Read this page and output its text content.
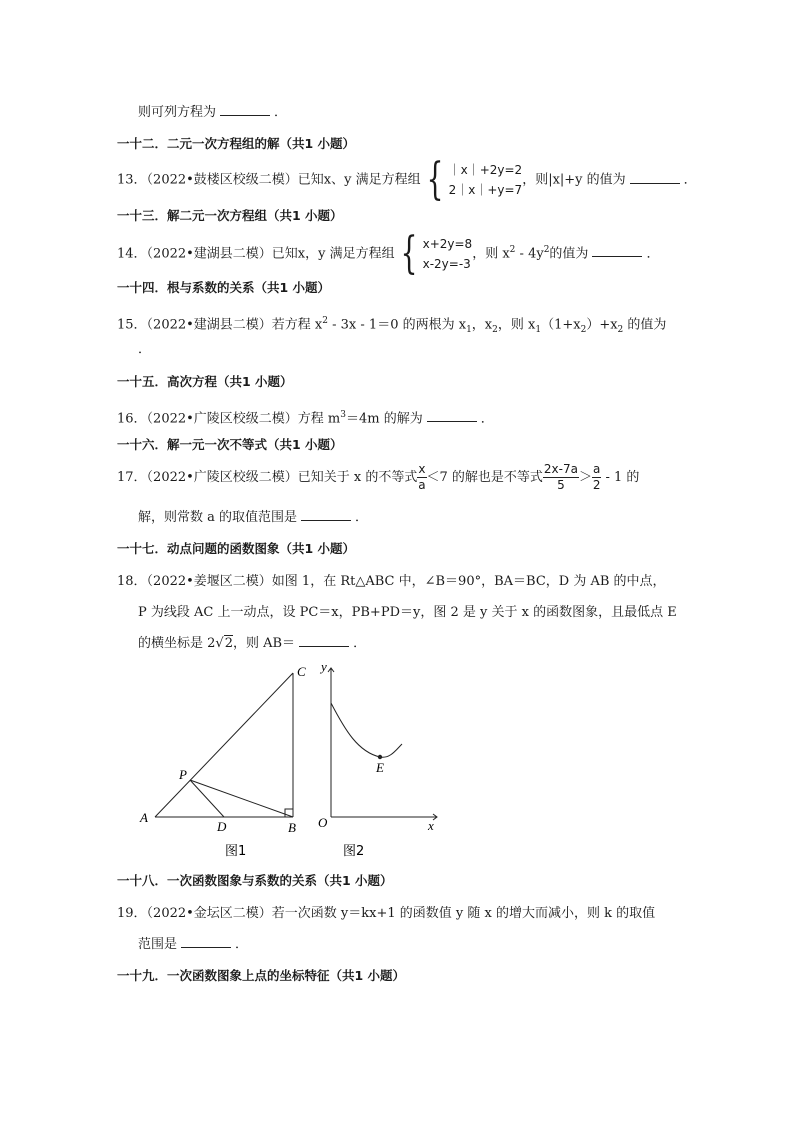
则可列方程为	．
一十二．二元一次方程组的解（共1 小题）
13．（2022•鼓楼区校级二模）已知x、y 满足方程组 { ｜x｜+2y=2
2｜x｜+y=7
，则|x|+y 的值为	．
一十三．解二元一次方程组（共1 小题）
14．（2022•建湖县二模）已知x，y 满足方程组 { x+2y=8
x-2y=-3
，则 $x^2 - 4y^2$的值为	．
一十四．根与系数的关系（共1 小题）
15．（2022•建湖县二模）若方程 $x^2 - 3x - 1=0$ 的两根为 $x_1$，$x_2$，则 $x_1(1+x_2)+x_2$ 的值为
．
一十五．高次方程（共1 小题）
16．（2022•广陵区校级二模）方程 $m^3=4m$ 的解为	．
一十六．解一元一次不等式（共1 小题）
17．（2022•广陵区校级二模）已知关于 x 的不等式 $\frac{x}{a} <7$ 的解也是不等式 $\frac{2x-7a}{5} > \frac{a}{2} - 1$ 的
解，则常数 a 的取值范围是	．
一十七．动点问题的函数图象（共1 小题）
18．（2022•姜堰区二模）如图 1，在 Rt△ABC 中，∠B＝90°，BA＝BC，D 为 AB 的中点，
P 为线段 AC 上一动点，设 PC＝x，PB+PD＝y，图 2 是 y 关于 x 的函数图象，且最低点 E
的横坐标是 2√2，则 AB＝	．
A
B
C
D
P
图1
y
x
O
E
图2
一十八．一次函数图象与系数的关系（共1 小题）
19．（2022•金坛区二模）若一次函数 y＝kx+1 的函数值 y 随 x 的增大而减小，则 k 的取值
范围是	．
一十九．一次函数图象上点的坐标特征（共1 小题）
